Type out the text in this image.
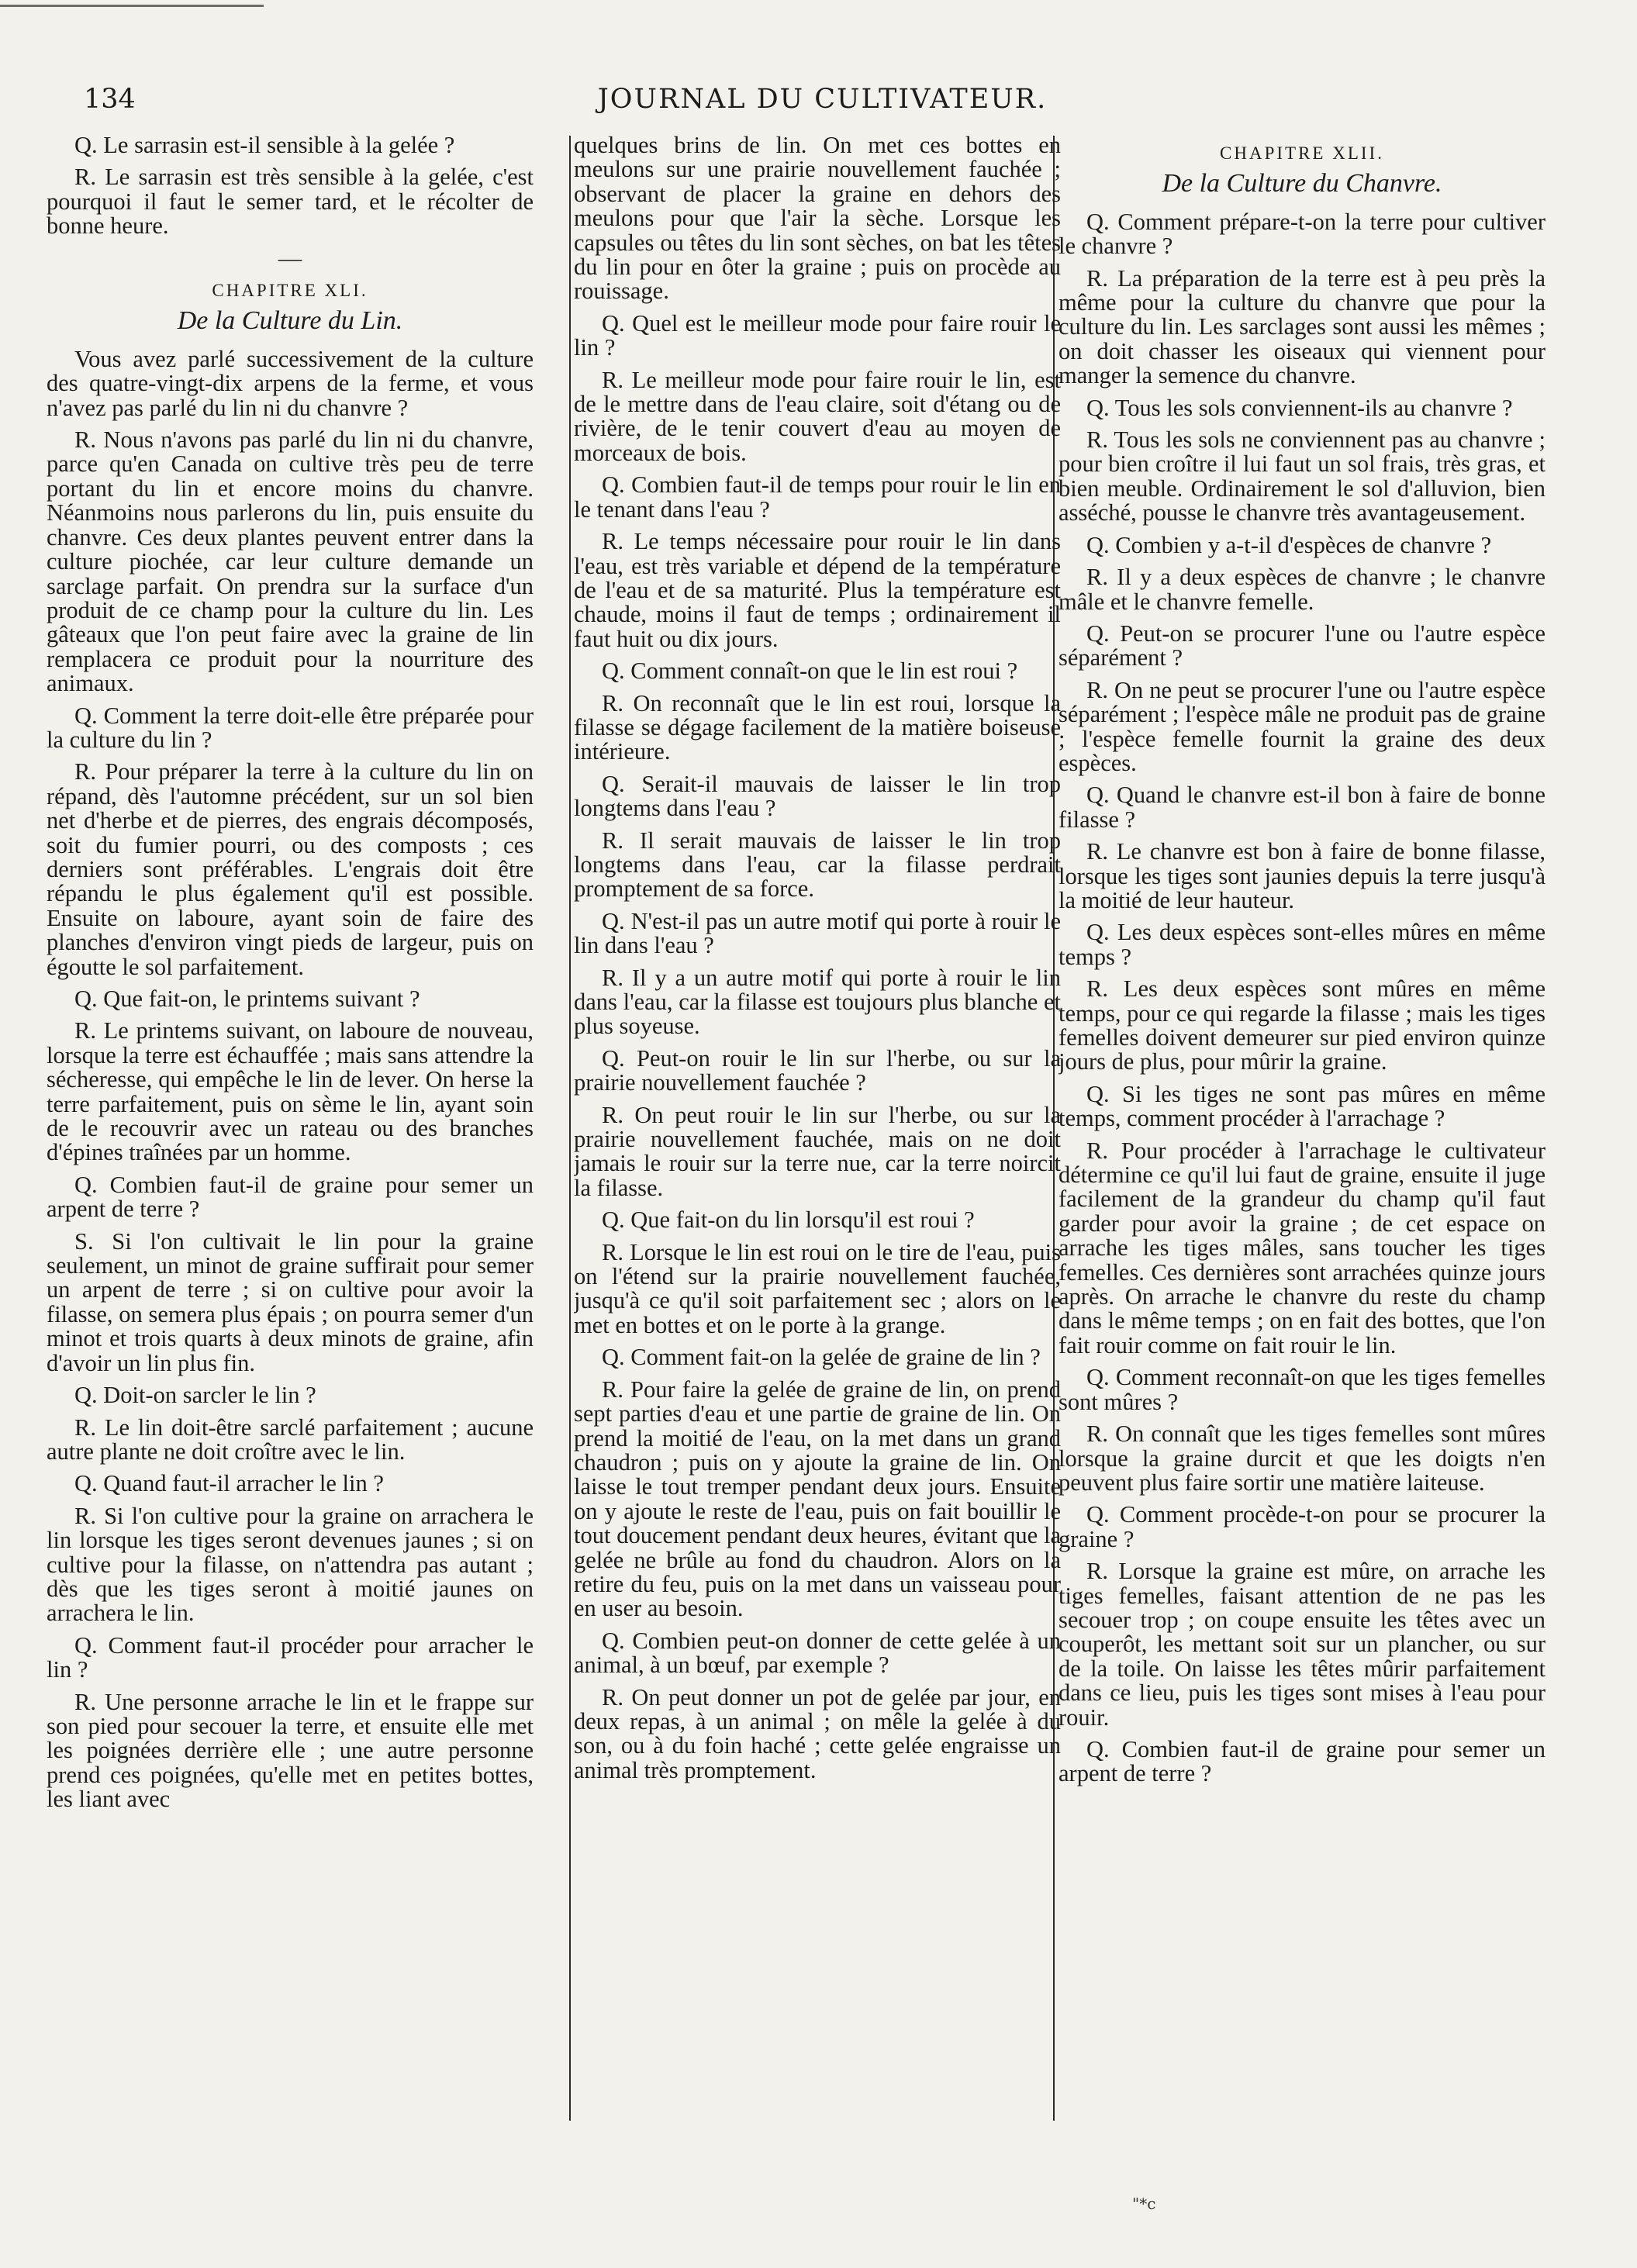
134	JOURNAL DU CULTIVATEUR.

Q. Le sarrasin est-il sensible à la gelée ?

R. Le sarrasin est très sensible à la gelée, c'est pourquoi il faut le semer tard, et le récolter de bonne heure.

—
CHAPITRE XLI.
De la Culture du Lin.

Vous avez parlé successivement de la culture des quatre-vingt-dix arpens de la ferme, et vous n'avez pas parlé du lin ni du chanvre ?

R. Nous n'avons pas parlé du lin ni du chanvre, parce qu'en Canada on cultive très peu de terre portant du lin et encore moins du chanvre. Néanmoins nous parlerons du lin, puis ensuite du chanvre. Ces deux plantes peuvent entrer dans la culture piochée, car leur culture demande un sarclage parfait. On prendra sur la surface d'un produit de ce champ pour la culture du lin. Les gâteaux que l'on peut faire avec la graine de lin remplacera ce produit pour la nourriture des animaux.

Q. Comment la terre doit-elle être préparée pour la culture du lin ?

R. Pour préparer la terre à la culture du lin on répand, dès l'automne précédent, sur un sol bien net d'herbe et de pierres, des engrais décomposés, soit du fumier pourri, ou des composts ; ces derniers sont préférables. L'engrais doit être répandu le plus également qu'il est possible. Ensuite on laboure, ayant soin de faire des planches d'environ vingt pieds de largeur, puis on égoutte le sol parfaitement.

Q. Que fait-on, le printems suivant ?

R. Le printems suivant, on laboure de nouveau, lorsque la terre est échauffée ; mais sans attendre la sécheresse, qui empêche le lin de lever. On herse la terre parfaitement, puis on sème le lin, ayant soin de le recouvrir avec un rateau ou des branches d'épines traînées par un homme.

Q. Combien faut-il de graine pour semer un arpent de terre ?

S. Si l'on cultivait le lin pour la graine seulement, un minot de graine suffirait pour semer un arpent de terre ; si on cultive pour avoir la filasse, on semera plus épais ; on pourra semer d'un minot et trois quarts à deux minots de graine, afin d'avoir un lin plus fin.

Q. Doit-on sarcler le lin ?

R. Le lin doit-être sarclé parfaitement ; aucune autre plante ne doit croître avec le lin.

Q. Quand faut-il arracher le lin ?

R. Si l'on cultive pour la graine on arrachera le lin lorsque les tiges seront devenues jaunes ; si on cultive pour la filasse, on n'attendra pas autant ; dès que les tiges seront à moitié jaunes on arrachera le lin.

Q. Comment faut-il procéder pour arracher le lin ?

R. Une personne arrache le lin et le frappe sur son pied pour secouer la terre, et ensuite elle met les poignées derrière elle ; une autre personne prend ces poignées, qu'elle met en petites bottes, les liant avec

quelques brins de lin. On met ces bottes en meulons sur une prairie nouvellement fauchée ; observant de placer la graine en dehors des meulons pour que l'air la sèche. Lorsque les capsules ou têtes du lin sont sèches, on bat les têtes du lin pour en ôter la graine ; puis on procède au rouissage.

Q. Quel est le meilleur mode pour faire rouir le lin ?

R. Le meilleur mode pour faire rouir le lin, est de le mettre dans de l'eau claire, soit d'étang ou de rivière, de le tenir couvert d'eau au moyen de morceaux de bois.

Q. Combien faut-il de temps pour rouir le lin en le tenant dans l'eau ?

R. Le temps nécessaire pour rouir le lin dans l'eau, est très variable et dépend de la température de l'eau et de sa maturité. Plus la température est chaude, moins il faut de temps ; ordinairement il faut huit ou dix jours.

Q. Comment connaît-on que le lin est roui ?

R. On reconnaît que le lin est roui, lorsque la filasse se dégage facilement de la matière boiseuse intérieure.

Q. Serait-il mauvais de laisser le lin trop longtems dans l'eau ?

R. Il serait mauvais de laisser le lin trop longtems dans l'eau, car la filasse perdrait promptement de sa force.

Q. N'est-il pas un autre motif qui porte à rouir le lin dans l'eau ?

R. Il y a un autre motif qui porte à rouir le lin dans l'eau, car la filasse est toujours plus blanche et plus soyeuse.

Q. Peut-on rouir le lin sur l'herbe, ou sur la prairie nouvellement fauchée ?

R. On peut rouir le lin sur l'herbe, ou sur la prairie nouvellement fauchée, mais on ne doit jamais le rouir sur la terre nue, car la terre noircit la filasse.

Q. Que fait-on du lin lorsqu'il est roui ?

R. Lorsque le lin est roui on le tire de l'eau, puis on l'étend sur la prairie nouvellement fauchée, jusqu'à ce qu'il soit parfaitement sec ; alors on le met en bottes et on le porte à la grange.

Q. Comment fait-on la gelée de graine de lin ?

R. Pour faire la gelée de graine de lin, on prend sept parties d'eau et une partie de graine de lin. On prend la moitié de l'eau, on la met dans un grand chaudron ; puis on y ajoute la graine de lin. On laisse le tout tremper pendant deux jours. Ensuite on y ajoute le reste de l'eau, puis on fait bouillir le tout doucement pendant deux heures, évitant que la gelée ne brûle au fond du chaudron. Alors on la retire du feu, puis on la met dans un vaisseau pour en user au besoin.

Q. Combien peut-on donner de cette gelée à un animal, à un bœuf, par exemple ?

R. On peut donner un pot de gelée par jour, en deux repas, à un animal ; on mêle la gelée à du son, ou à du foin haché ; cette gelée engraisse un animal très promptement.

CHAPITRE XLII.
De la Culture du Chanvre.

Q. Comment prépare-t-on la terre pour cultiver le chanvre ?

R. La préparation de la terre est à peu près la même pour la culture du chanvre que pour la culture du lin. Les sarclages sont aussi les mêmes ; on doit chasser les oiseaux qui viennent pour manger la semence du chanvre.

Q. Tous les sols conviennent-ils au chanvre ?

R. Tous les sols ne conviennent pas au chanvre ; pour bien croître il lui faut un sol frais, très gras, et bien meuble. Ordinairement le sol d'alluvion, bien asséché, pousse le chanvre très avantageusement.

Q. Combien y a-t-il d'espèces de chanvre ?

R. Il y a deux espèces de chanvre ; le chanvre mâle et le chanvre femelle.

Q. Peut-on se procurer l'une ou l'autre espèce séparément ?

R. On ne peut se procurer l'une ou l'autre espèce séparément ; l'espèce mâle ne produit pas de graine ; l'espèce femelle fournit la graine des deux espèces.

Q. Quand le chanvre est-il bon à faire de bonne filasse ?

R. Le chanvre est bon à faire de bonne filasse, lorsque les tiges sont jaunies depuis la terre jusqu'à la moitié de leur hauteur.

Q. Les deux espèces sont-elles mûres en même temps ?

R. Les deux espèces sont mûres en même temps, pour ce qui regarde la filasse ; mais les tiges femelles doivent demeurer sur pied environ quinze jours de plus, pour mûrir la graine.

Q. Si les tiges ne sont pas mûres en même temps, comment procéder à l'arrachage ?

R. Pour procéder à l'arrachage le cultivateur détermine ce qu'il lui faut de graine, ensuite il juge facilement de la grandeur du champ qu'il faut garder pour avoir la graine ; de cet espace on arrache les tiges mâles, sans toucher les tiges femelles. Ces dernières sont arrachées quinze jours après. On arrache le chanvre du reste du champ dans le même temps ; on en fait des bottes, que l'on fait rouir comme on fait rouir le lin.

Q. Comment reconnaît-on que les tiges femelles sont mûres ?

R. On connaît que les tiges femelles sont mûres lorsque la graine durcit et que les doigts n'en peuvent plus faire sortir une matière laiteuse.

Q. Comment procède-t-on pour se procurer la graine ?

R. Lorsque la graine est mûre, on arrache les tiges femelles, faisant attention de ne pas les secouer trop ; on coupe ensuite les têtes avec un couperôt, les mettant soit sur un plancher, ou sur de la toile. On laisse les têtes mûrir parfaitement dans ce lieu, puis les tiges sont mises à l'eau pour rouir.

Q. Combien faut-il de graine pour semer un arpent de terre ?

"*c
